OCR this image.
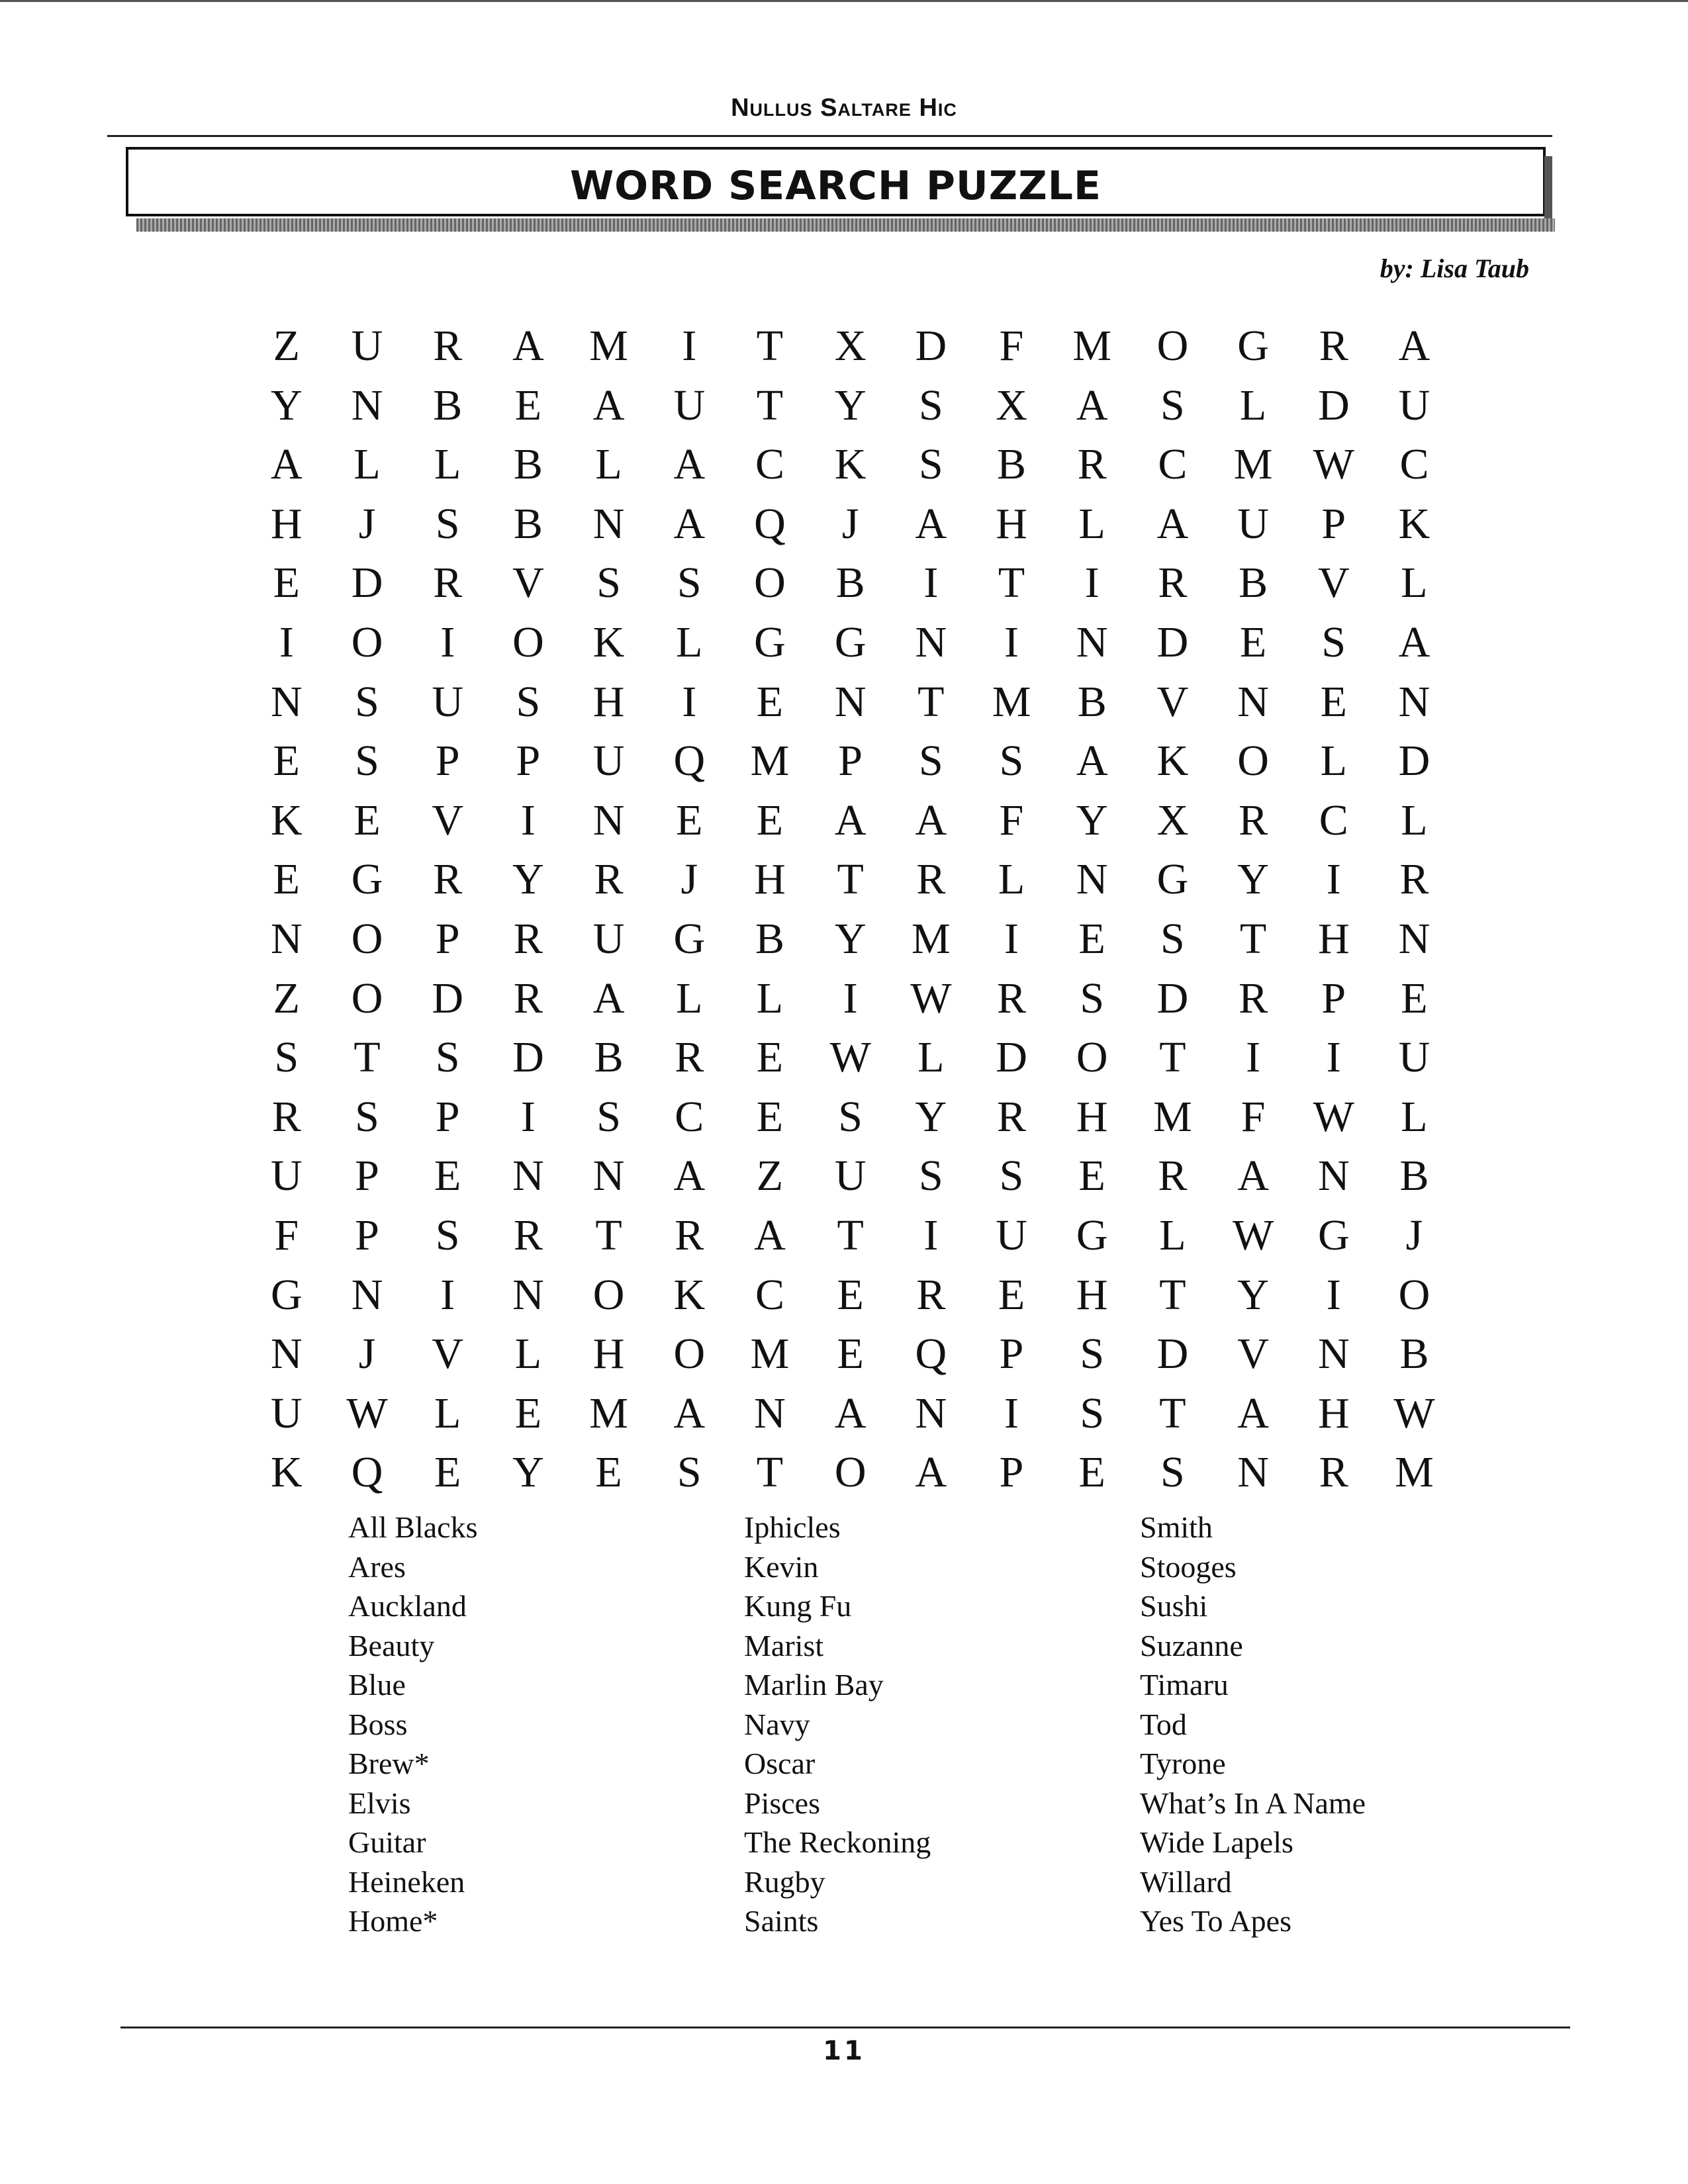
Nullus Saltare Hic
WORD SEARCH PUZZLE
by: Lisa Taub
Z	U	R	A	M	I	T	X	D	F	M	O	G	R	A
Y	N	B	E	A	U	T	Y	S	X	A	S	L	D	U
A	L	L	B	L	A	C	K	S	B	R	C	M W	C
H	J	S	B	N	A	Q	J	A	H	L	A	U	P	K
E	D	R	V	S	S	O	B	I	T	I	R	B	V	L
I	O	I	O	K	L	G	G	N	I	N	D	E	S	A
N	S	U	S	H	I	E	N	T	M	B	V	N	E	N
E	S	P	P	U	Q	M	P	S	S	A	K	O	L	D
K	E	V	I	N	E	E	A	A	F	Y	X	R	C	L
E	G	R	Y	R	J	H	T	R	L	N	G	Y	I	R
N	O	P	R	U	G	B	Y	M	I	E	S	T	H	N
Z	O	D	R	A	L	L	I	W	R	S	D	R	P	E
S	T	S	D	B	R	E	W	L	D	O	T	I	I	U
R	S	P	I	S	C	E	S	Y	R	H	M	F	W	L
U	P	E	N	N	A	Z	U	S	S	E	R	A	N	B
F	P	S	R	T	R	A	T	I	U	G	L	W	G	J
G	N	I	N	O	K	C	E	R	E	H	T	Y	I	O
N	J	V	L	H	O	M	E	Q	P	S	D	V	N	B
U	W	L	E	M	A	N	A	N	I	S	T	A	H	W
K	Q	E	Y	E	S	T	O	A	P	E	S	N	R	M
All Blacks
Ares
Auckland
Beauty
Blue
Boss
Brew*
Elvis
Guitar
Heineken
Home*
Iphicles
Kevin
Kung Fu
Marist
Marlin Bay
Navy
Oscar
Pisces
The Reckoning
Rugby
Saints
Smith
Stooges
Sushi
Suzanne
Timaru
Tod
Tyrone
What’s In A Name
Wide Lapels
Willard
Yes To Apes
11
